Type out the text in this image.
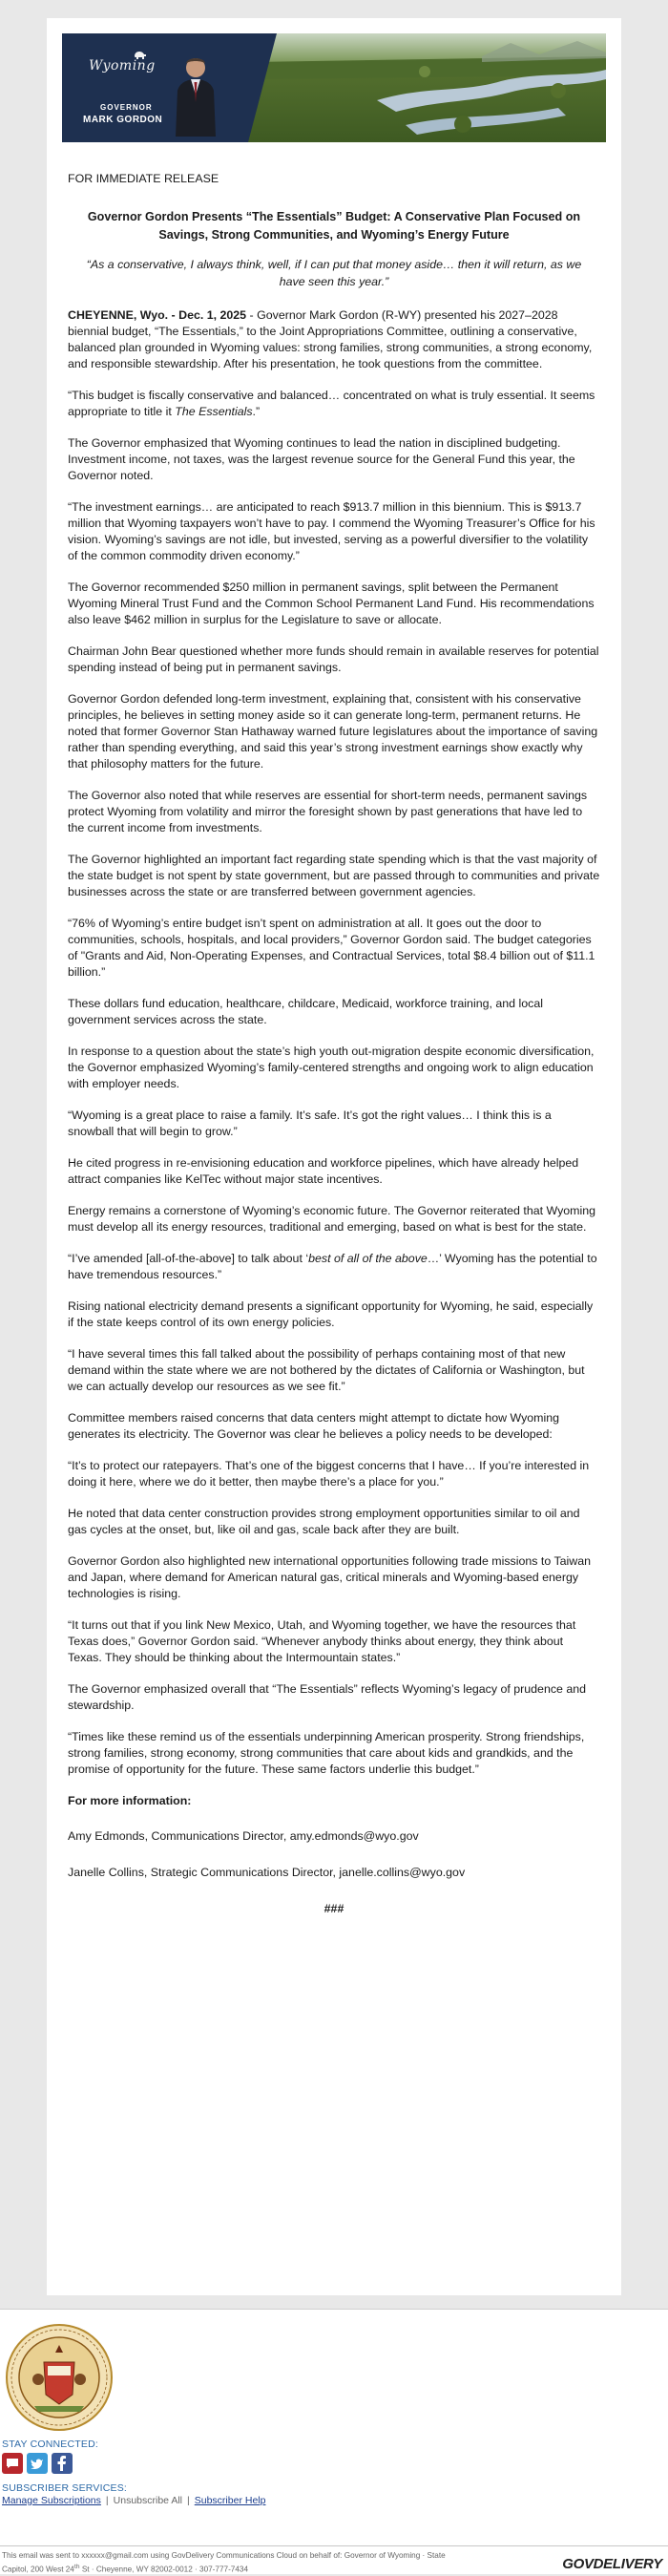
Wyoming
GOVERNOR
MARK GORDON

FOR IMMEDIATE RELEASE

Governor Gordon Presents “The Essentials” Budget: A Conservative Plan Focused on Savings, Strong Communities, and Wyoming’s Energy Future

“As a conservative, I always think, well, if I can put that money aside… then it will return, as we have seen this year.”

CHEYENNE, Wyo. - Dec. 1, 2025 - Governor Mark Gordon (R-WY) presented his 2027–2028 biennial budget, “The Essentials,” to the Joint Appropriations Committee, outlining a conservative, balanced plan grounded in Wyoming values: strong families, strong communities, a strong economy, and responsible stewardship. After his presentation, he took questions from the committee.

“This budget is fiscally conservative and balanced… concentrated on what is truly essential. It seems appropriate to title it The Essentials.”

The Governor emphasized that Wyoming continues to lead the nation in disciplined budgeting. Investment income, not taxes, was the largest revenue source for the General Fund this year, the Governor noted.

“The investment earnings… are anticipated to reach $913.7 million in this biennium. This is $913.7 million that Wyoming taxpayers won’t have to pay. I commend the Wyoming Treasurer’s Office for his vision. Wyoming’s savings are not idle, but invested, serving as a powerful diversifier to the volatility of the common commodity driven economy.”

The Governor recommended $250 million in permanent savings, split between the Permanent Wyoming Mineral Trust Fund and the Common School Permanent Land Fund. His recommendations also leave $462 million in surplus for the Legislature to save or allocate.

Chairman John Bear questioned whether more funds should remain in available reserves for potential spending instead of being put in permanent savings.

Governor Gordon defended long-term investment, explaining that, consistent with his conservative principles, he believes in setting money aside so it can generate long-term, permanent returns. He noted that former Governor Stan Hathaway warned future legislatures about the importance of saving rather than spending everything, and said this year’s strong investment earnings show exactly why that philosophy matters for the future.

The Governor also noted that while reserves are essential for short-term needs, permanent savings protect Wyoming from volatility and mirror the foresight shown by past generations that have led to the current income from investments.

The Governor highlighted an important fact regarding state spending which is that the vast majority of the state budget is not spent by state government, but are passed through to communities and private businesses across the state or are transferred between government agencies.

“76% of Wyoming’s entire budget isn’t spent on administration at all. It goes out the door to communities, schools, hospitals, and local providers,” Governor Gordon said. The budget categories of "Grants and Aid, Non-Operating Expenses, and Contractual Services, total $8.4 billion out of $11.1 billion.”

These dollars fund education, healthcare, childcare, Medicaid, workforce training, and local government services across the state.

In response to a question about the state’s high youth out-migration despite economic diversification, the Governor emphasized Wyoming’s family-centered strengths and ongoing work to align education with employer needs.

“Wyoming is a great place to raise a family. It’s safe. It’s got the right values… I think this is a snowball that will begin to grow.”

He cited progress in re-envisioning education and workforce pipelines, which have already helped attract companies like KelTec without major state incentives.

Energy remains a cornerstone of Wyoming’s economic future. The Governor reiterated that Wyoming must develop all its energy resources, traditional and emerging, based on what is best for the state.

“I’ve amended [all-of-the-above] to talk about ‘best of all of the above…’ Wyoming has the potential to have tremendous resources.”

Rising national electricity demand presents a significant opportunity for Wyoming, he said, especially if the state keeps control of its own energy policies.

“I have several times this fall talked about the possibility of perhaps containing most of that new demand within the state where we are not bothered by the dictates of California or Washington, but we can actually develop our resources as we see fit.”

Committee members raised concerns that data centers might attempt to dictate how Wyoming generates its electricity. The Governor was clear he believes a policy needs to be developed:

“It’s to protect our ratepayers. That’s one of the biggest concerns that I have… If you’re interested in doing it here, where we do it better, then maybe there’s a place for you.”

He noted that data center construction provides strong employment opportunities similar to oil and gas cycles at the onset, but, like oil and gas, scale back after they are built.

Governor Gordon also highlighted new international opportunities following trade missions to Taiwan and Japan, where demand for American natural gas, critical minerals and Wyoming-based energy technologies is rising.

“It turns out that if you link New Mexico, Utah, and Wyoming together, we have the resources that Texas does,” Governor Gordon said. “Whenever anybody thinks about energy, they think about Texas. They should be thinking about the Intermountain states.”

The Governor emphasized overall that “The Essentials” reflects Wyoming’s legacy of prudence and stewardship.

“Times like these remind us of the essentials underpinning American prosperity. Strong friendships, strong families, strong economy, strong communities that care about kids and grandkids, and the promise of opportunity for the future. These same factors underlie this budget.”

For more information:

Amy Edmonds, Communications Director, amy.edmonds@wyo.gov

Janelle Collins, Strategic Communications Director, janelle.collins@wyo.gov

###

STAY CONNECTED:
SUBSCRIBER SERVICES:
Manage Subscriptions | Unsubscribe All | Subscriber Help
This email was sent to xxxxxx@gmail.com using GovDelivery Communications Cloud on behalf of: Governor of Wyoming · State
Capitol, 200 West 24th St · Cheyenne, WY 82002-0012 · 307-777-7434	GOVDELIVERY
